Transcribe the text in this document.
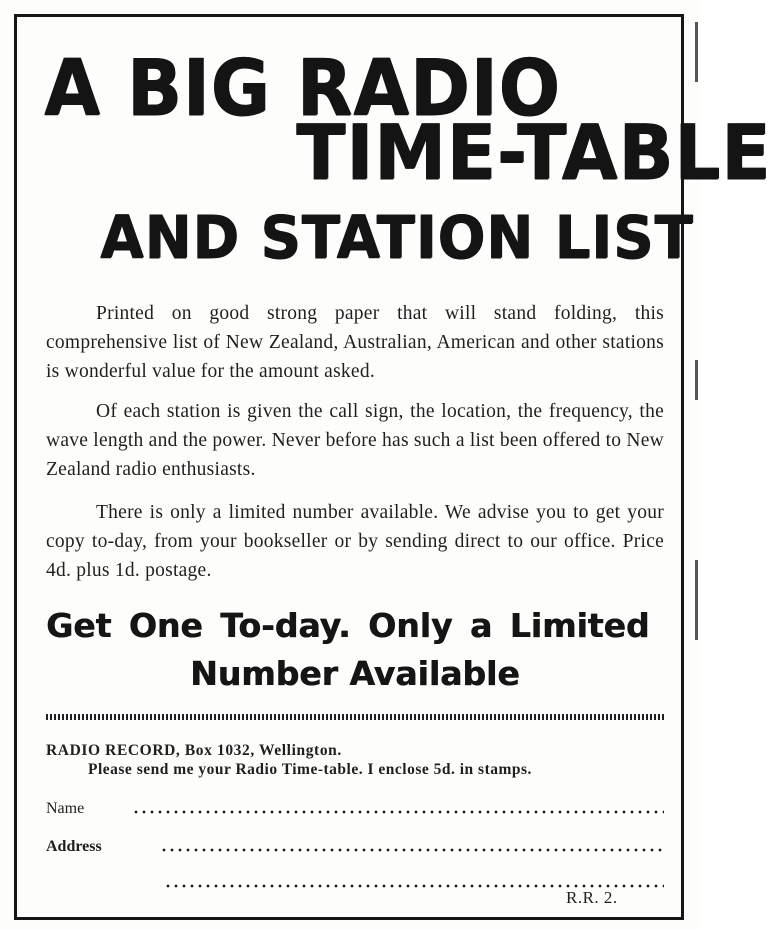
A BIG RADIO
TIME-TABLE
AND STATION LIST

Printed on good strong paper that will stand folding, this comprehensive list of New Zealand, Australian, American and other stations is wonderful value for the amount asked.

Of each station is given the call sign, the location, the frequency, the wave length and the power. Never before has such a list been offered to New Zealand radio enthusiasts.

There is only a limited number available. We advise you to get your copy to-day, from your bookseller or by sending direct to our office. Price 4d. plus 1d. postage.

Get One To-day. Only a Limited
Number Available
RADIO RECORD, Box 1032, Wellington.
Please send me your Radio Time-table. I enclose 5d. in stamps.
Name
Address
R.R. 2.
